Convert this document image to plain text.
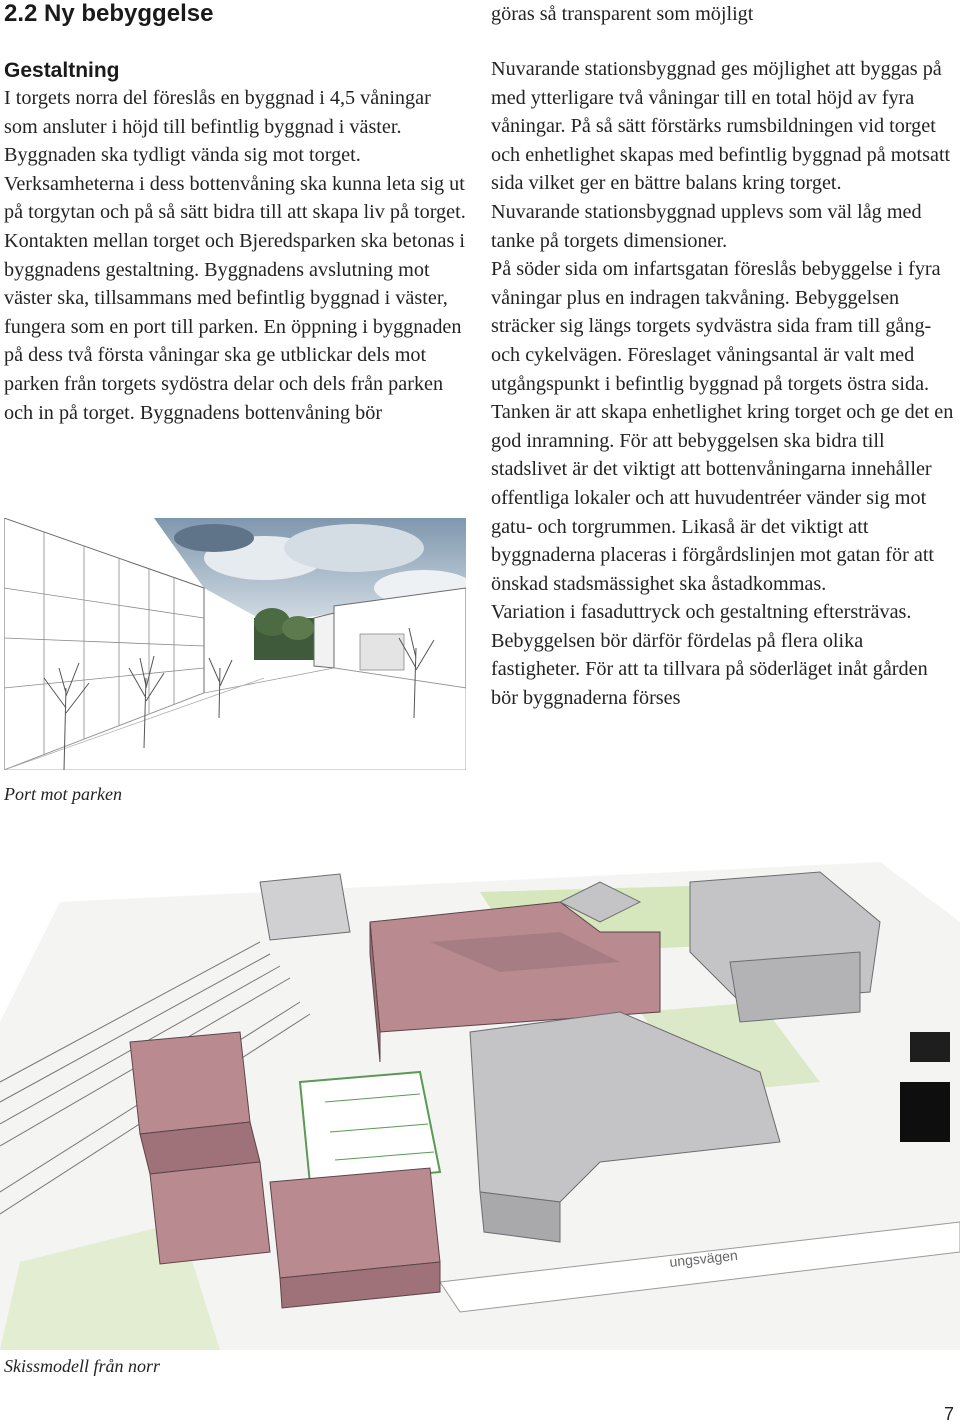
2.2 Ny bebyggelse
Gestaltning

I torgets norra del föreslås en byggnad i 4,5 våningar som ansluter i höjd till befintlig byggnad i väster. Byggnaden ska tydligt vända sig mot torget. Verksamheterna i dess bottenvåning ska kunna leta sig ut på torgytan och på så sätt bidra till att skapa liv på torget. Kontakten mellan torget och Bjeredsparken ska betonas i byggnadens gestaltning. Byggnadens avslutning mot väster ska, tillsammans med befintlig byggnad i väster, fungera som en port till parken. En öppning i byggnaden på dess två första våningar ska ge utblickar dels mot parken från torgets sydöstra delar och dels från parken och in på torget. Byggnadens bottenvåning bör

göras så transparent som möjligt

Nuvarande stationsbyggnad ges möjlighet att byggas på med ytterligare två våningar till en total höjd av fyra våningar. På så sätt förstärks rumsbildningen vid torget och enhetlighet skapas med befintlig byggnad på motsatt sida vilket ger en bättre balans kring torget.

Nuvarande stationsbyggnad upplevs som väl låg med tanke på torgets dimensioner.

På söder sida om infartsgatan föreslås bebyggelse i fyra våningar plus en indragen takvåning. Bebyggelsen sträcker sig längs torgets sydvästra sida fram till gång- och cykelvägen. Föreslaget våningsantal är valt med utgångspunkt i befintlig byggnad på torgets östra sida. Tanken är att skapa enhetlighet kring torget och ge det en god inramning. För att bebyggelsen ska bidra till stadslivet är det viktigt att bottenvåningarna innehåller offentliga lokaler och att huvudentréer vänder sig mot gatu- och torgrummen. Likaså är det viktigt att byggnaderna placeras i förgårdslinjen mot gatan för att önskad stadsmässighet ska åstadkommas.

Variation i fasaduttryck och gestaltning eftersträvas. Bebyggelsen bör därför fördelas på flera olika fastigheter. För att ta tillvara på söderläget inåt gården bör byggnaderna förses

Port mot parken

ungsvägen

Skissmodell från norr

7
